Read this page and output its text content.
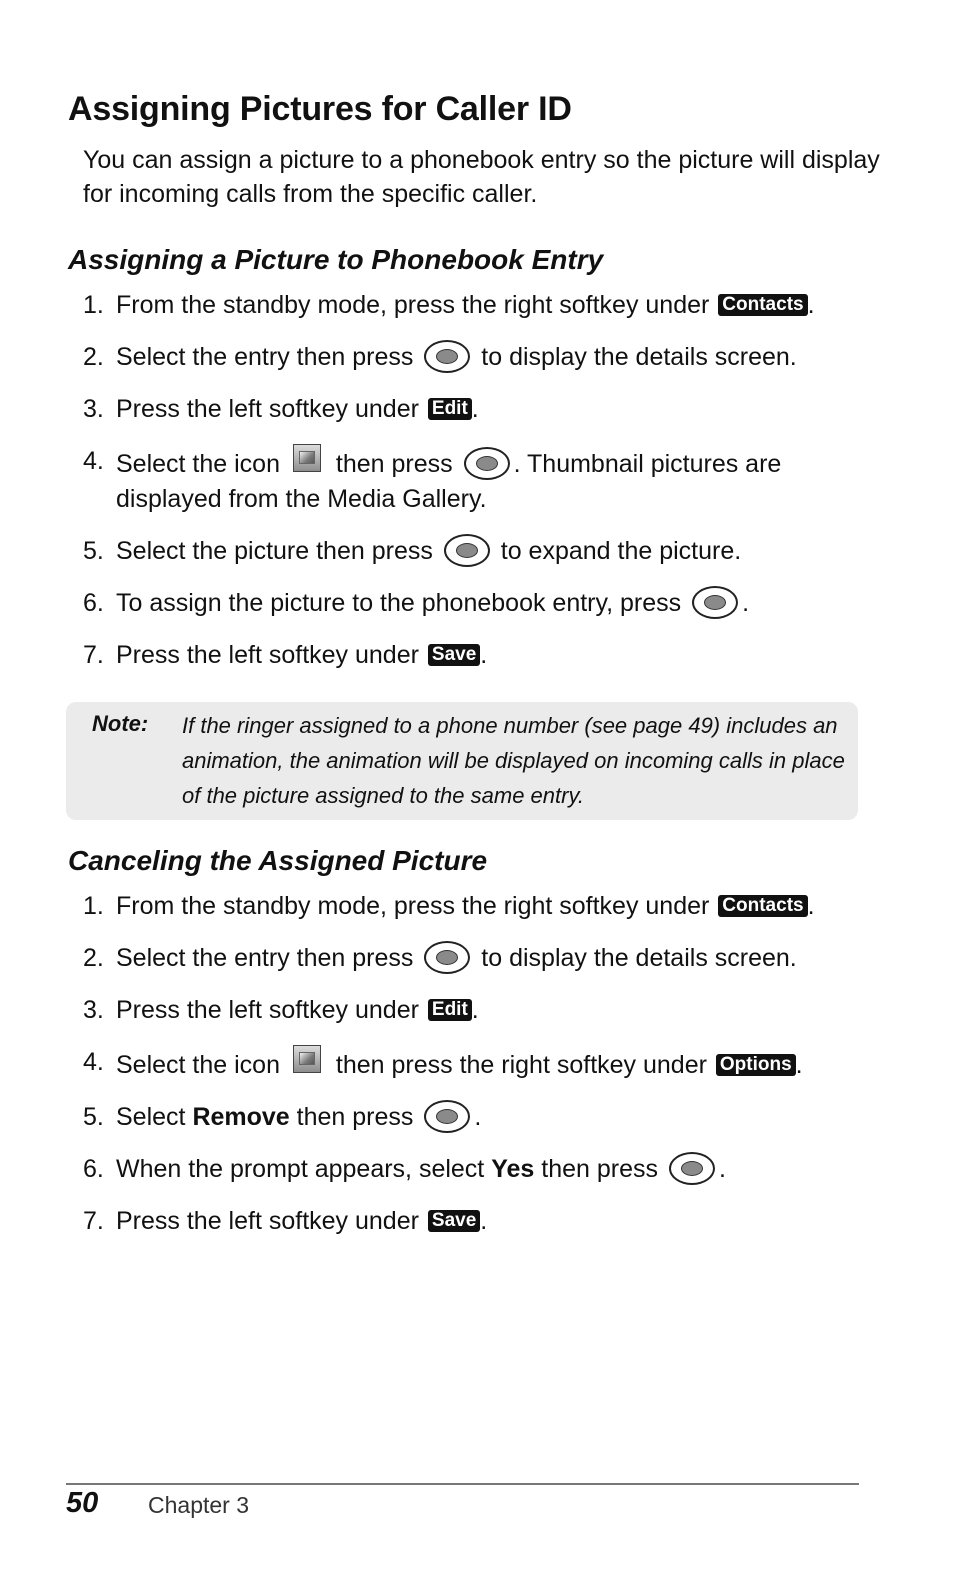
Assigning Pictures for Caller ID

You can assign a picture to a phonebook entry so the picture will display for incoming calls from the specific caller.

Assigning a Picture to Phonebook Entry
1. From the standby mode, press the right softkey under Contacts .
2. Select the entry then press  to display the details screen.
3. Press the left softkey under Edit .
4. Select the icon  then press . Thumbnail pictures are displayed from the Media Gallery.
5. Select the picture then press  to expand the picture.
6. To assign the picture to the phonebook entry, press .
7. Press the left softkey under Save .
Note: If the ringer assigned to a phone number (see page 49) includes an animation, the animation will be displayed on incoming calls in place of the picture assigned to the same entry.
Canceling the Assigned Picture
1. From the standby mode, press the right softkey under Contacts .
2. Select the entry then press  to display the details screen.
3. Press the left softkey under Edit .
4. Select the icon  then press the right softkey under Options .
5. Select Remove then press .
6. When the prompt appears, select Yes then press .
7. Press the left softkey under Save .
50 Chapter 3
